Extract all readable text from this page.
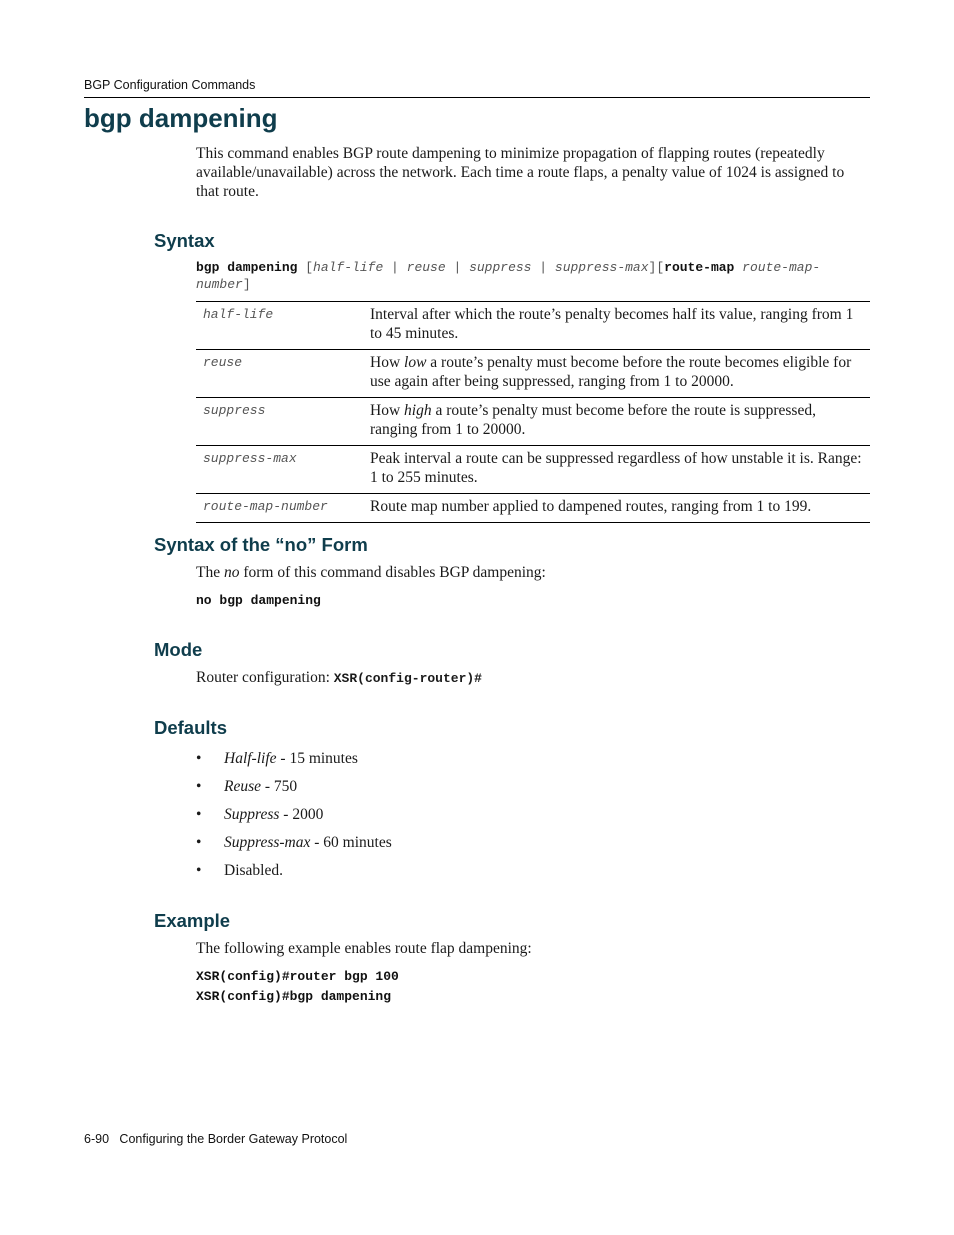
BGP Configuration Commands
bgp dampening
This command enables BGP route dampening to minimize propagation of flapping routes (repeatedly available/unavailable) across the network. Each time a route flaps, a penalty value of 1024 is assigned to that route.
Syntax
bgp dampening [half-life | reuse | suppress | suppress-max][route-map route-map-
number]
half-life	Interval after which the route’s penalty becomes half its value, ranging from 1 to 45 minutes.
reuse	How low a route’s penalty must become before the route becomes eligible for use again after being suppressed, ranging from 1 to 20000.
suppress	How high a route’s penalty must become before the route is suppressed, ranging from 1 to 20000.
suppress-max	Peak interval a route can be suppressed regardless of how unstable it is. Range: 1 to 255 minutes.
route-map-number	Route map number applied to dampened routes, ranging from 1 to 199.
Syntax of the “no” Form
The no form of this command disables BGP dampening:
no bgp dampening
Mode
Router configuration: XSR(config-router)#
Defaults
• Half-life - 15 minutes
• Reuse - 750
• Suppress - 2000
• Suppress-max - 60 minutes
• Disabled.
Example
The following example enables route flap dampening:
XSR(config)#router bgp 100
XSR(config)#bgp dampening
6-90   Configuring the Border Gateway Protocol
